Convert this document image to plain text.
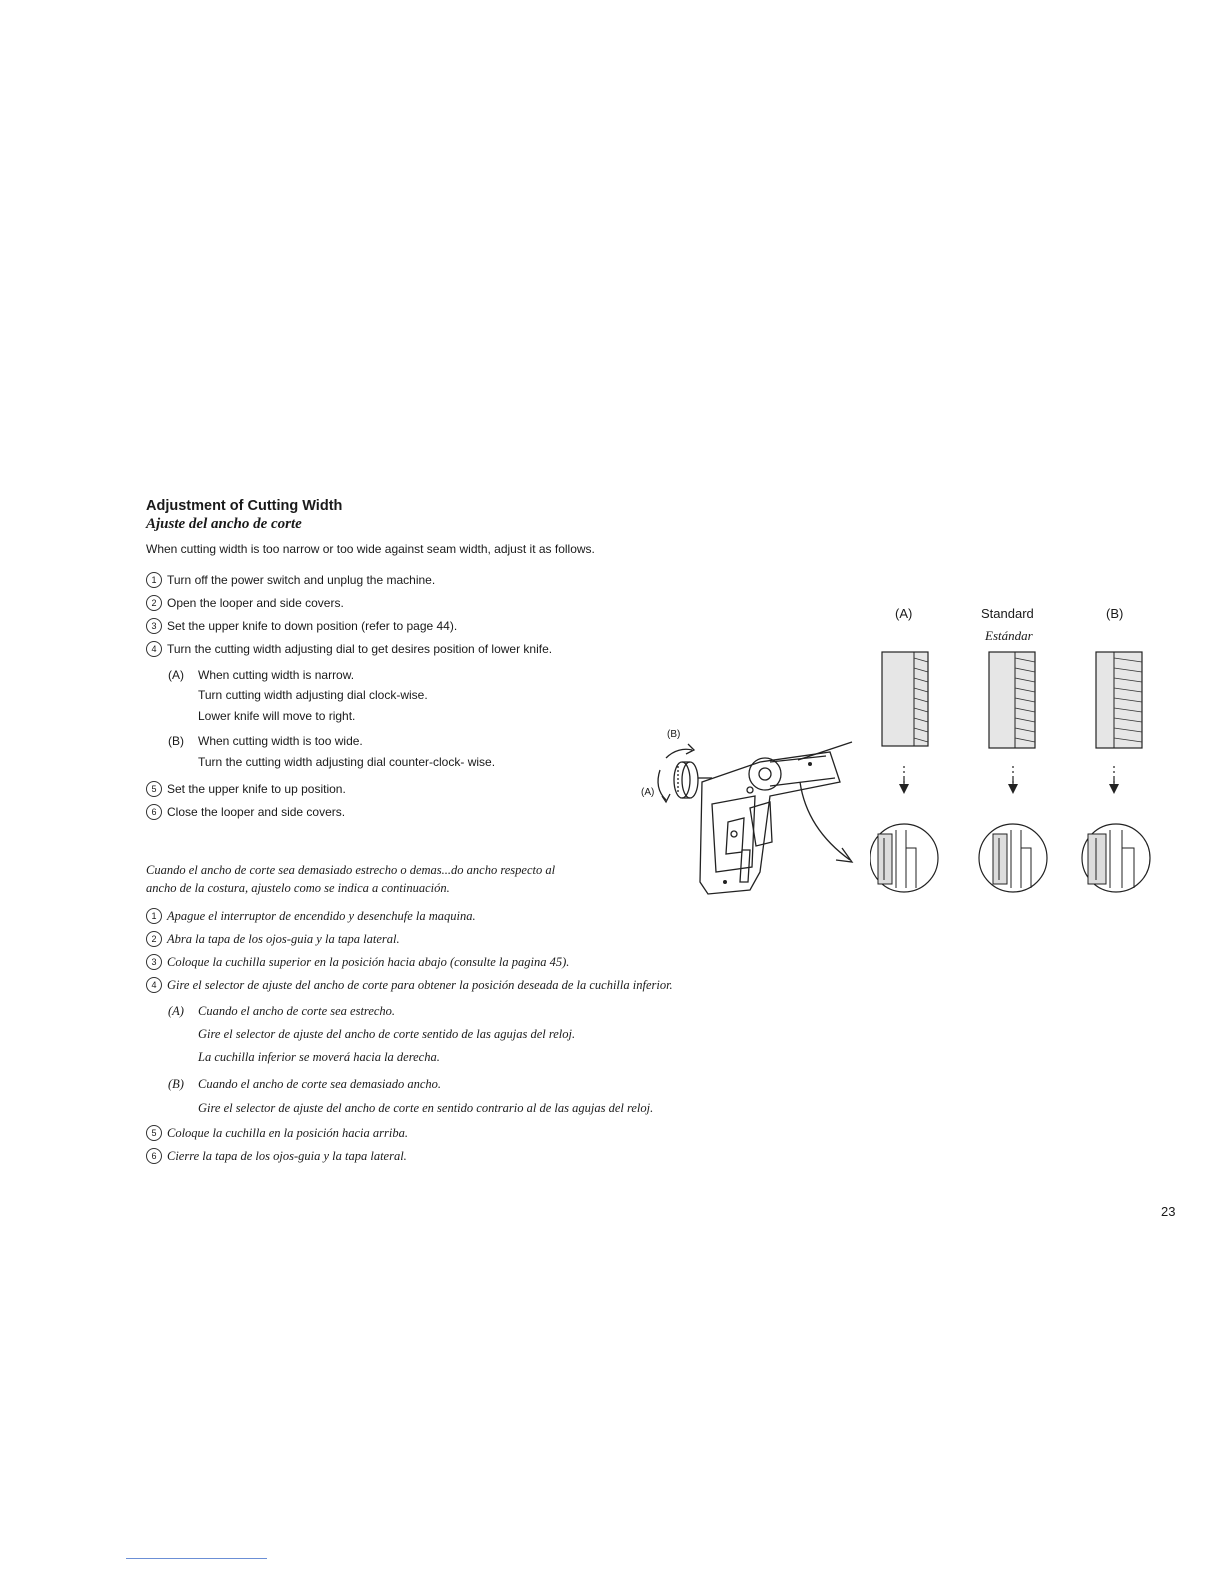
Adjustment of Cutting Width
Ajuste del ancho de corte
When cutting width is too narrow or too wide against seam width, adjust it as follows.
1 Turn off the power switch and unplug the machine.
2 Open the looper and side covers.
3 Set the upper knife to down position (refer to page 44).
4 Turn the cutting width adjusting dial to get desires position of lower knife.
(A) When cutting width is narrow.
Turn cutting width adjusting dial clock-wise.
Lower knife will move to right.
(B) When cutting width is too wide.
Turn the cutting width adjusting dial counter-clock- wise.
5 Set the upper knife to up position.
6 Close the looper and side covers.
Cuando el ancho de corte sea demasiado estrecho o demas...do ancho respecto al
ancho de la costura, ajustelo como se indica a continuación.
1 Apague el interruptor de encendido y desenchufe la maquina.
2 Abra la tapa de los ojos-guia y la tapa lateral.
3 Coloque la cuchilla superior en la posición hacia abajo (consulte la pagina 45).
4 Gire el selector de ajuste del ancho de corte para obtener la posición deseada de la cuchilla inferior.
(A) Cuando el ancho de corte sea estrecho.
Gire el selector de ajuste del ancho de corte sentido de las agujas del reloj.
La cuchilla inferior se moverá hacia la derecha.
(B) Cuando el ancho de corte sea demasiado ancho.
Gire el selector de ajuste del ancho de corte en sentido contrario al de las agujas del reloj.
5 Coloque la cuchilla en la posición hacia arriba.
6 Cierre la tapa de los ojos-guia y la tapa lateral.
(B)
(A)
(A)	Standard
Estándar
(B)
23
